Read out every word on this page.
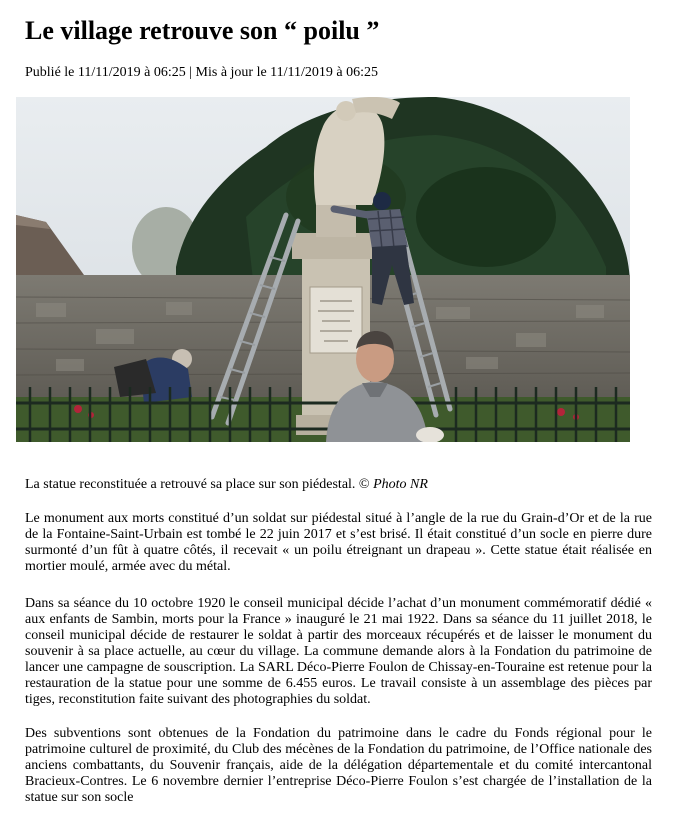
Le village retrouve son “ poilu ”
Publié le 11/11/2019 à 06:25 | Mis à jour le 11/11/2019 à 06:25
La statue reconstituée a retrouvé sa place sur son piédestal. © Photo NR

Le monument aux morts constitué d’un soldat sur piédestal situé à l’angle de la rue du Grain-d’Or et de la rue de la Fontaine-Saint-Urbain est tombé le 22 juin 2017 et s’est brisé. Il était constitué d’un socle en pierre dure surmonté d’un fût à quatre côtés, il recevait « un poilu étreignant un drapeau ». Cette statue était réalisée en mortier moulé, armée avec du métal.

Dans sa séance du 10 octobre 1920 le conseil municipal décide l’achat d’un monument commémoratif dédié « aux enfants de Sambin, morts pour la France » inauguré le 21 mai 1922. Dans sa séance du 11 juillet 2018, le conseil municipal décide de restaurer le soldat à partir des morceaux récupérés et de laisser le monument du souvenir à sa place actuelle, au cœur du village. La commune demande alors à la Fondation du patrimoine de lancer une campagne de souscription. La SARL Déco-Pierre Foulon de Chissay-en-Touraine est retenue pour la restauration de la statue pour une somme de 6.455 euros. Le travail consiste à un assemblage des pièces par tiges, reconstitution faite suivant des photographies du soldat.

Des subventions sont obtenues de la Fondation du patrimoine dans le cadre du Fonds régional pour le patrimoine culturel de proximité, du Club des mécènes de la Fondation du patrimoine, de l’Office nationale des anciens combattants, du Souvenir français, aide de la délégation départementale et du comité intercantonal Bracieux-Contres. Le 6 novembre dernier l’entreprise Déco-Pierre Foulon s’est chargée de l’installation de la statue sur son socle
